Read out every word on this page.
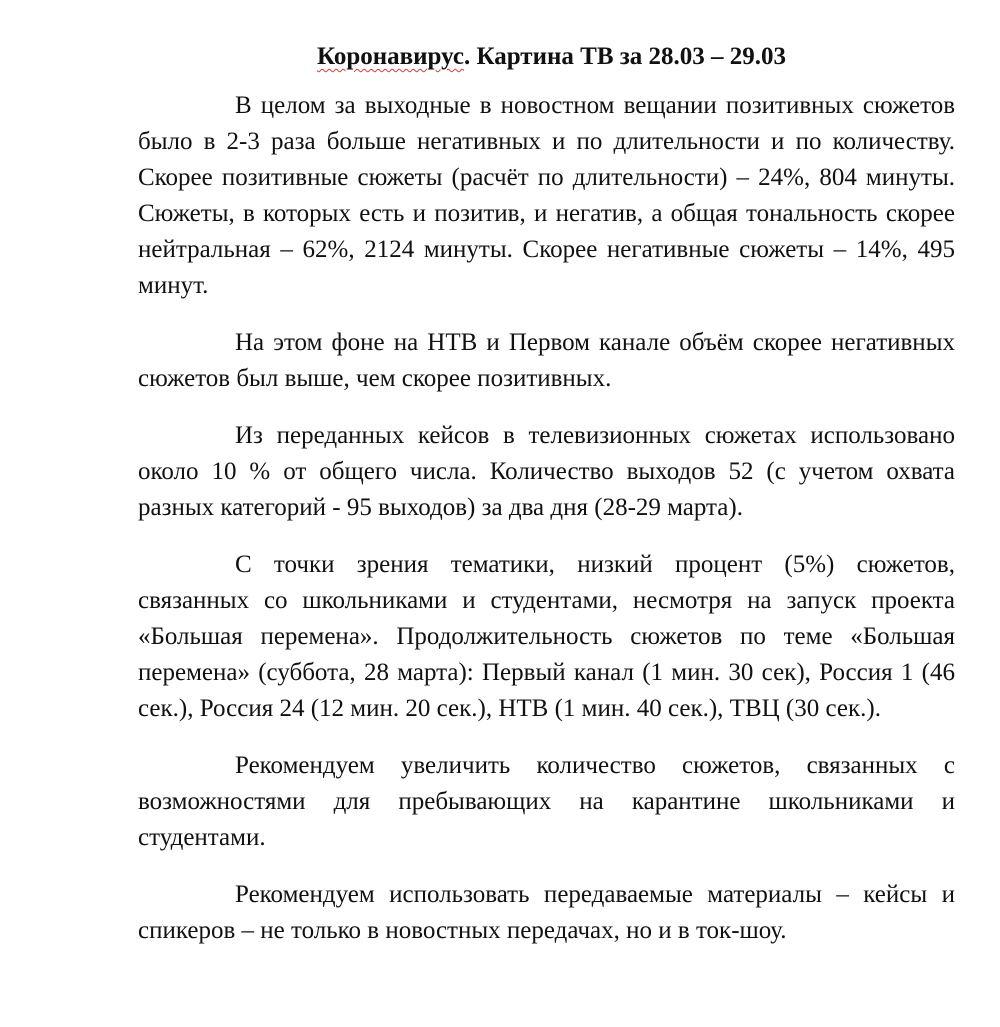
Коронавирус. Картина ТВ за 28.03 – 29.03

В целом за выходные в новостном вещании позитивных сюжетов было в 2-3 раза больше негативных и по длительности и по количеству. Скорее позитивные сюжеты (расчёт по длительности) – 24%, 804 минуты. Сюжеты, в которых есть и позитив, и негатив, а общая тональность скорее нейтральная – 62%, 2124 минуты. Скорее негативные сюжеты – 14%, 495 минут.

На этом фоне на НТВ и Первом канале объём скорее негативных сюжетов был выше, чем скорее позитивных.

Из переданных кейсов в телевизионных сюжетах использовано около 10 % от общего числа. Количество выходов 52 (с учетом охвата разных категорий - 95 выходов) за два дня (28-29 марта).

С точки зрения тематики, низкий процент (5%) сюжетов, связанных со школьниками и студентами, несмотря на запуск проекта «Большая перемена». Продолжительность сюжетов по теме «Большая перемена» (суббота, 28 марта): Первый канал (1 мин. 30 сек), Россия 1 (46 сек.), Россия 24 (12 мин. 20 сек.), НТВ (1 мин. 40 сек.), ТВЦ (30 сек.).

Рекомендуем увеличить количество сюжетов, связанных с возможностями для пребывающих на карантине школьниками и студентами.

Рекомендуем использовать передаваемые материалы – кейсы и спикеров – не только в новостных передачах, но и в ток-шоу.
